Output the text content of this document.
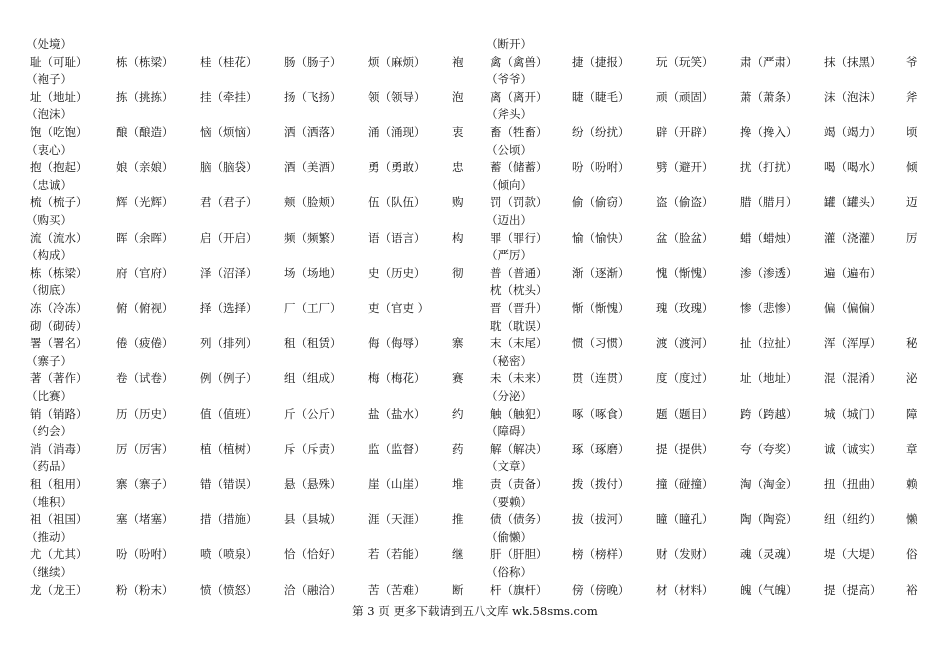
（处境）	（断开）
耻（可耻） 栋（栋梁） 桂（桂花） 肠（肠子） 烦（麻烦） 袍 禽（禽兽） 捷（捷报） 玩（玩笑） 肃（严肃） 抹（抹黑） 爷
（袍子）	（爷爷）
址（地址） 拣（挑拣） 挂（牵挂） 扬（飞扬） 领（领导） 泡 离（离开） 睫（睫毛） 顽（顽固） 萧（萧条） 沫（泡沫） 斧
（泡沫）	（斧头）
饱（吃饱） 酿（酿造） 恼（烦恼） 洒（洒落） 涌（涌现） 衷 畜（牲畜） 纷（纷扰） 辟（开辟） 搀（搀入） 竭（竭力） 顷
（衷心）	（公顷）
抱（抱起） 娘（亲娘） 脑（脑袋） 酒（美酒） 勇（勇敢） 忠 蓄（储蓄） 吩（吩咐） 劈（避开） 扰（打扰） 喝（喝水） 倾
（忠诚）	（倾向）
梳（梳子） 辉（光辉） 君（君子） 颊（脸颊） 伍（队伍） 购 罚（罚款） 偷（偷窃） 盗（偷盗） 腊（腊月） 罐（罐头） 迈
（购买）	（迈出）
流（流水） 晖（余晖） 启（开启） 频（频繁） 语（语言） 构 罪（罪行） 愉（愉快） 盆（脸盆） 蜡（蜡烛） 灌（浇灌） 厉
（构成）	（严厉）
栋（栋梁） 府（官府） 泽（沼泽） 场（场地） 史（历史） 彻 普（普通） 渐（逐渐） 愧（惭愧） 渗（渗透） 遍（遍布）
（彻底）	枕（枕头）
冻（冷冻） 俯（俯视） 择（选择） 厂（工厂） 吏（官吏 ）	晋（晋升） 惭（惭愧） 瑰（玫瑰） 惨（悲惨） 偏（偏偏）
砌（砌砖）	耽（耽误）
署（署名） 倦（疲倦） 列（排列） 租（租赁） 侮（侮辱） 寨 末（末尾） 惯（习惯） 渡（渡河） 扯（拉扯） 浑（浑厚） 秘
（寨子）	（秘密）
著（著作） 卷（试卷） 例（例子） 组（组成） 梅（梅花） 赛 未（未来） 贯（连贯） 度（度过） 址（地址） 混（混淆） 泌
（比赛）	（分泌）
销（销路） 历（历史） 值（值班） 斤（公斤） 盐（盐水） 约 触（触犯） 啄（啄食） 题（题目） 跨（跨越） 城（城门） 障
（约会）	（障碍）
消（消毒） 厉（厉害） 植（植树） 斥（斥责） 监（监督） 药 解（解决） 琢（琢磨） 提（提供） 夸（夸奖） 诚（诚实） 章
（药品）	（文章）
租（租用） 寨（寨子） 错（错误） 悬（悬殊） 崖（山崖） 堆 责（责备） 拨（拨付） 撞（碰撞） 淘（淘金） 扭（扭曲） 赖
（堆积）	（要赖）
祖（祖国） 塞（堵塞） 措（措施） 县（县城） 涯（天涯） 推 债（债务） 拔（拔河） 瞳（瞳孔） 陶（陶瓷） 纽（纽约） 懒
（推动）	（偷懒）
尤（尤其） 吩（吩咐） 喷（喷泉） 恰（恰好） 若（若能） 继 肝（肝胆） 榜（榜样） 财（发财） 魂（灵魂） 堤（大堤） 俗
（继续）	（俗称）
龙（龙王） 粉（粉末） 愤（愤怒） 洽（融洽） 苦（苦难） 断 杆（旗杆） 傍（傍晚） 材（材料） 魄（气魄） 提（提高） 裕
第 3 页 更多下载请到五八文库 wk.58sms.com
